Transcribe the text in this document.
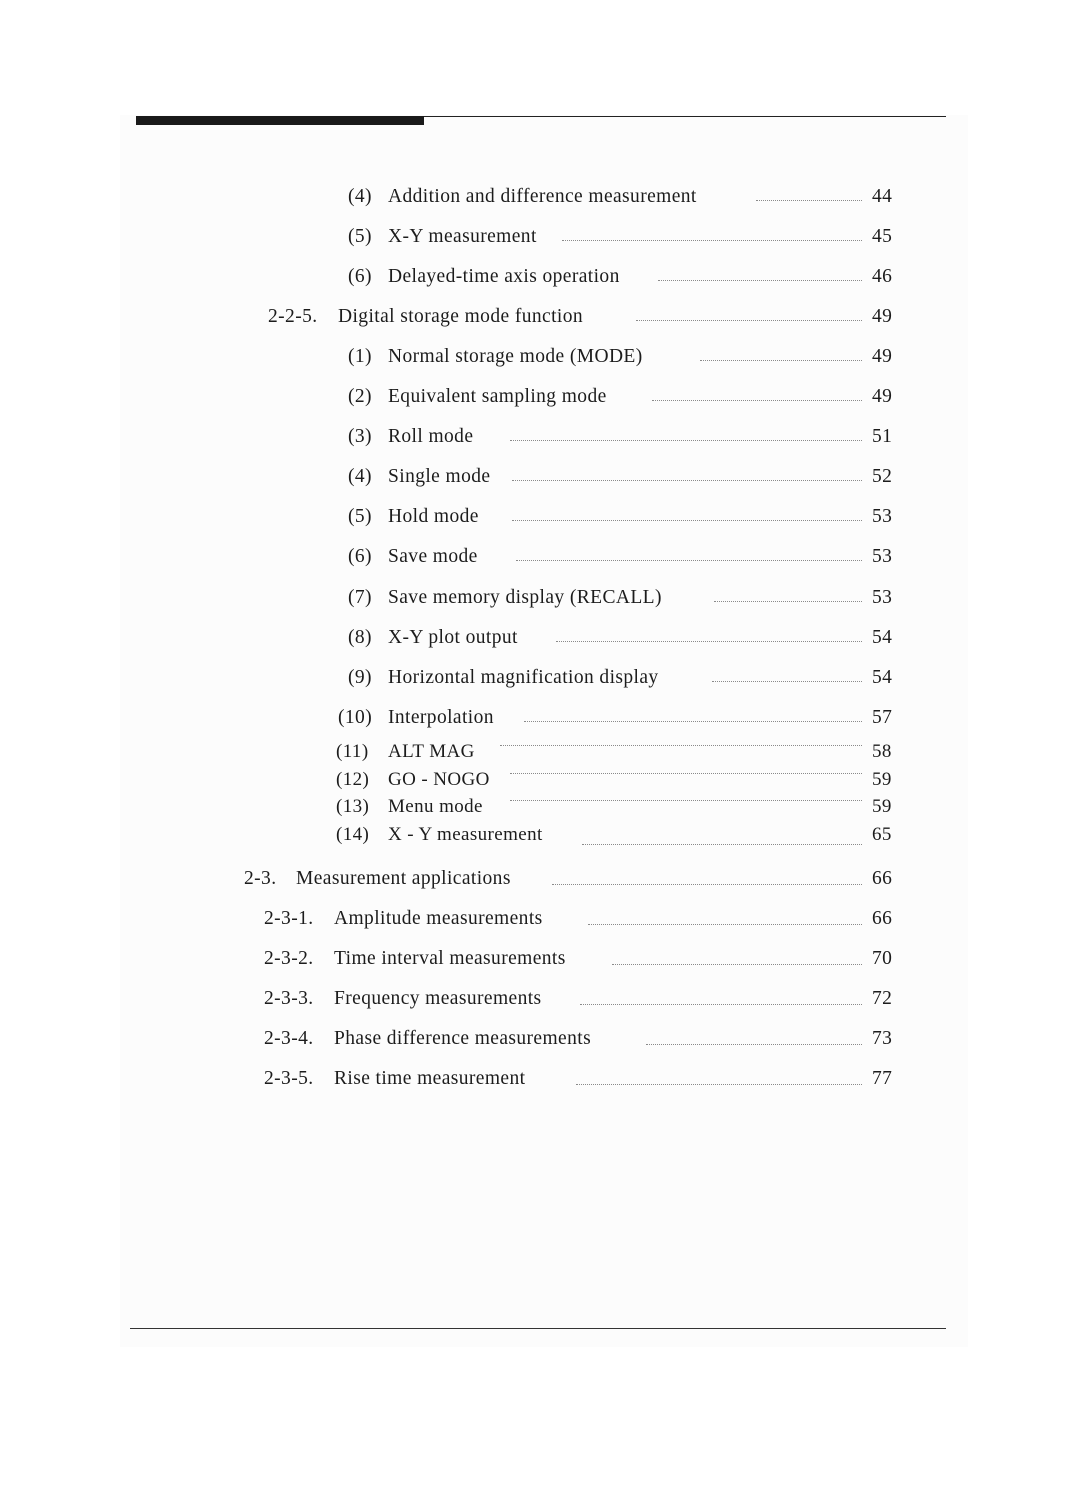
(4) Addition and difference measurement	44
(5) X-Y measurement	45
(6) Delayed-time axis operation	46
2-2-5. Digital storage mode function	49
(1) Normal storage mode (MODE)	49
(2) Equivalent sampling mode	49
(3) Roll mode	51
(4) Single mode	52
(5) Hold mode	53
(6) Save mode	53
(7) Save memory display (RECALL)	53
(8) X-Y plot output	54
(9) Horizontal magnification display	54
(10) Interpolation	57
(11) ALT MAG	58
(12) GO - NOGO	59
(13) Menu mode	59
(14) X - Y measurement	65
2-3. Measurement applications	66
2-3-1. Amplitude measurements	66
2-3-2. Time interval measurements	70
2-3-3. Frequency measurements	72
2-3-4. Phase difference measurements	73
2-3-5. Rise time measurement	77
